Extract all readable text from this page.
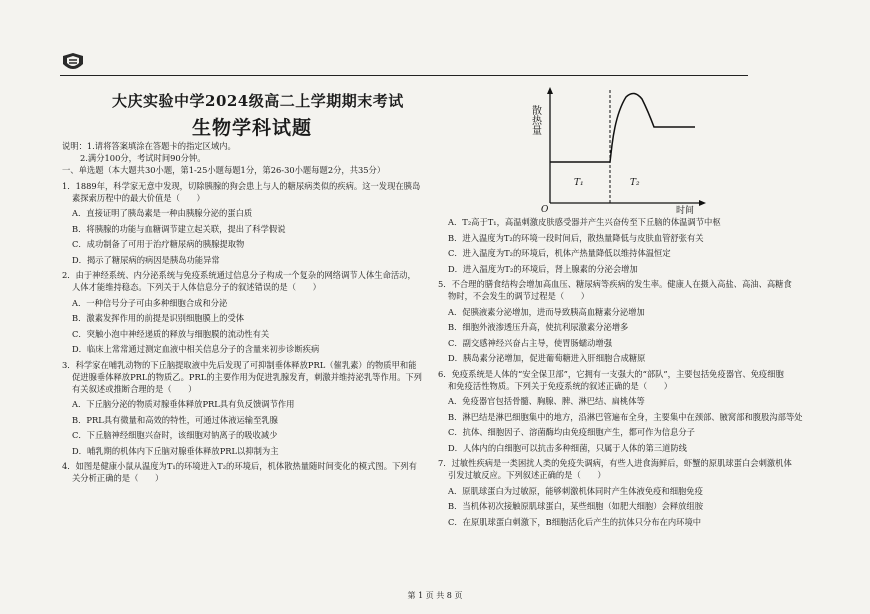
大庆实验中学2024级高二上学期期末考试
生物学科试题
说明：1.请将答案填涂在答题卡的指定区域内。
2.满分100分，考试时间90分钟。
一、单选题（本大题共30小题，第1-25小题每题1分，第26-30小题每题2分，共35分）
1．1889年，科学家无意中发现，切除胰腺的狗会患上与人的糖尿病类似的疾病。这一发现在胰岛
素探索历程中的最大价值是（　　）
A．直接证明了胰岛素是一种由胰腺分泌的蛋白质
B．将胰腺的功能与血糖调节建立起关联，提出了科学假说
C．成功制备了可用于治疗糖尿病的胰腺提取物
D．揭示了糖尿病的病因是胰岛功能异常
2．由于神经系统、内分泌系统与免疫系统通过信息分子构成一个复杂的网络调节人体生命活动，
人体才能维持稳态。下列关于人体信息分子的叙述错误的是（　　）
A．一种信号分子可由多种细胞合成和分泌
B．激素发挥作用的前提是识别细胞膜上的受体
C．突触小泡中神经递质的释放与细胞膜的流动性有关
D．临床上常常通过测定血液中相关信息分子的含量来初步诊断疾病
3．科学家在哺乳动物的下丘脑提取液中先后发现了可抑制垂体释放PRL（催乳素）的物质甲和能
促进腺垂体释放PRL的物质乙。PRL的主要作用为促进乳腺发育，刺激并维持泌乳等作用。下列
有关叙述或推断合理的是（　　）
A．下丘脑分泌的物质对腺垂体释放PRL具有负反馈调节作用
B．PRL具有微量和高效的特性，可通过体液运输至乳腺
C．下丘脑神经细胞兴奋时，该细胞对钠离子的吸收减少
D．哺乳期的机体内下丘脑对腺垂体释放PRL以抑制为主
4．如图是健康小鼠从温度为T₁的环境进入T₂的环境后，机体散热量随时间变化的模式图。下列有
关分析正确的是（　　）
散热量
时间
O
T₁	T₂
A．T₂高于T₁，高温刺激皮肤感受器并产生兴奋传至下丘脑的体温调节中枢
B．进入温度为T₂的环境一段时间后，散热量降低与皮肤血管舒张有关
C．进入温度为T₂的环境后，机体产热量降低以维持体温恒定
D．进入温度为T₂的环境后，肾上腺素的分泌会增加
5．不合理的膳食结构会增加高血压、糖尿病等疾病的发生率。健康人在摄入高盐、高油、高糖食
物时，不会发生的调节过程是（　　）
A．促胰液素分泌增加，进而导致胰高血糖素分泌增加
B．细胞外液渗透压升高，使抗利尿激素分泌增多
C．副交感神经兴奋占主导，使胃肠蠕动增强
D．胰岛素分泌增加，促进葡萄糖进入肝细胞合成糖原
6．免疫系统是人体的“安全保卫部”，它拥有一支强大的“部队”，主要包括免疫器官、免疫细胞
和免疫活性物质。下列关于免疫系统的叙述正确的是（　　）
A．免疫器官包括骨髓、胸腺、脾、淋巴结、扁桃体等
B．淋巴结是淋巴细胞集中的地方，沿淋巴管遍布全身，主要集中在颈部、腋窝部和腹股沟部等处
C．抗体、细胞因子、溶菌酶均由免疫细胞产生，都可作为信息分子
D．人体内的白细胞可以抗击多种细菌，只属于人体的第三道防线
7．过敏性疾病是一类困扰人类的免疫失调病，有些人进食海鲜后，虾蟹的原肌球蛋白会刺激机体
引发过敏反应。下列叙述正确的是（　　）
A．原肌球蛋白为过敏原，能够刺激机体同时产生体液免疫和细胞免疫
B．当机体初次接触原肌球蛋白，某些细胞（如肥大细胞）会释放组胺
C．在原肌球蛋白刺激下，B细胞活化后产生的抗体只分布在内环境中
第 1 页 共 8 页
